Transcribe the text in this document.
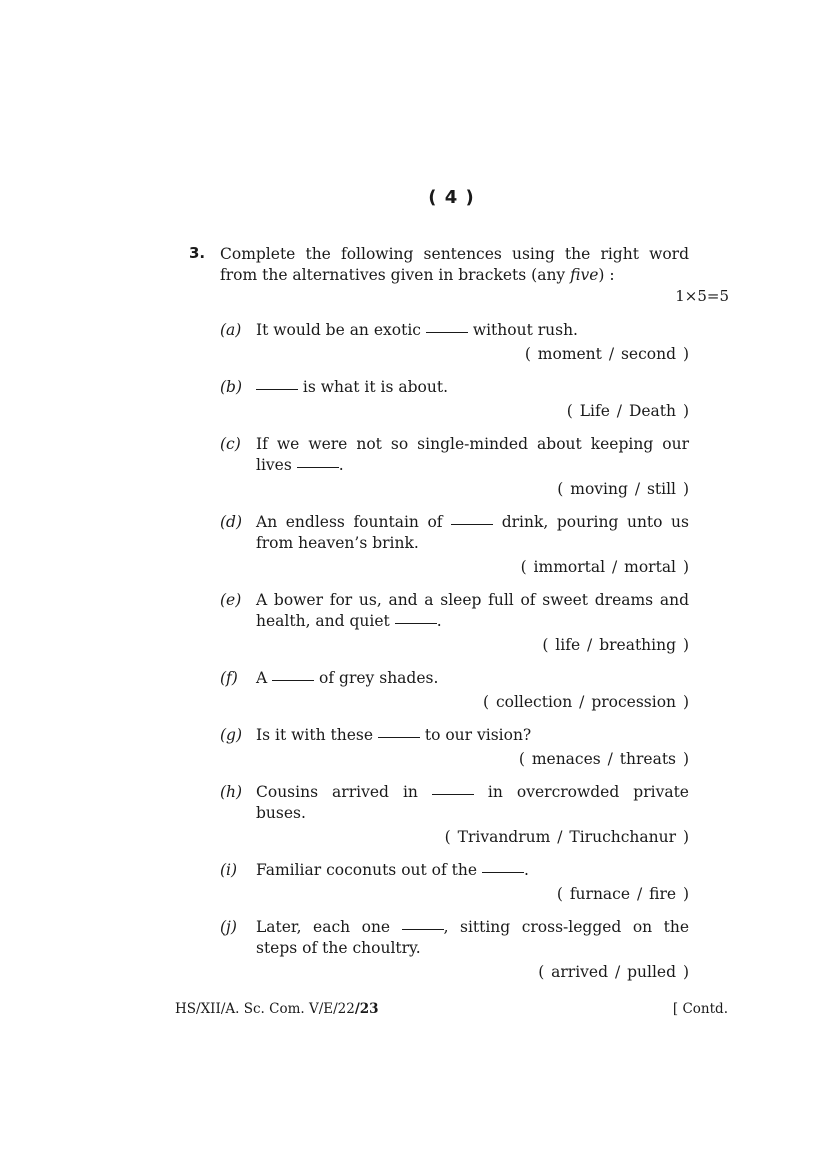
( 4 )
3. Complete the following sentences using the right word from the alternatives given in brackets (any five) :
1×5=5
(a) It would be an exotic	without rush.
( moment / second )
(b)	is what it is about.
( Life / Death )
(c) If we were not so single-minded about keeping our lives	.
( moving / still )
(d) An endless fountain of	drink, pouring unto us from heaven’s brink.
( immortal / mortal )
(e) A bower for us, and a sleep full of sweet dreams and health, and quiet	.
( life / breathing )
(f)	A	of grey shades.
( collection / procession )
(g) Is it with these	to our vision?
( menaces / threats )
(h) Cousins arrived in	in overcrowded private buses.
( Trivandrum / Tiruchchanur )
(i)	Familiar coconuts out of the	.
( furnace / fire )
(j)	Later, each one	, sitting cross-legged on the steps of the choultry.
( arrived / pulled )
HS/XII/A. Sc. Com. V/E/22/23	[ Contd.
